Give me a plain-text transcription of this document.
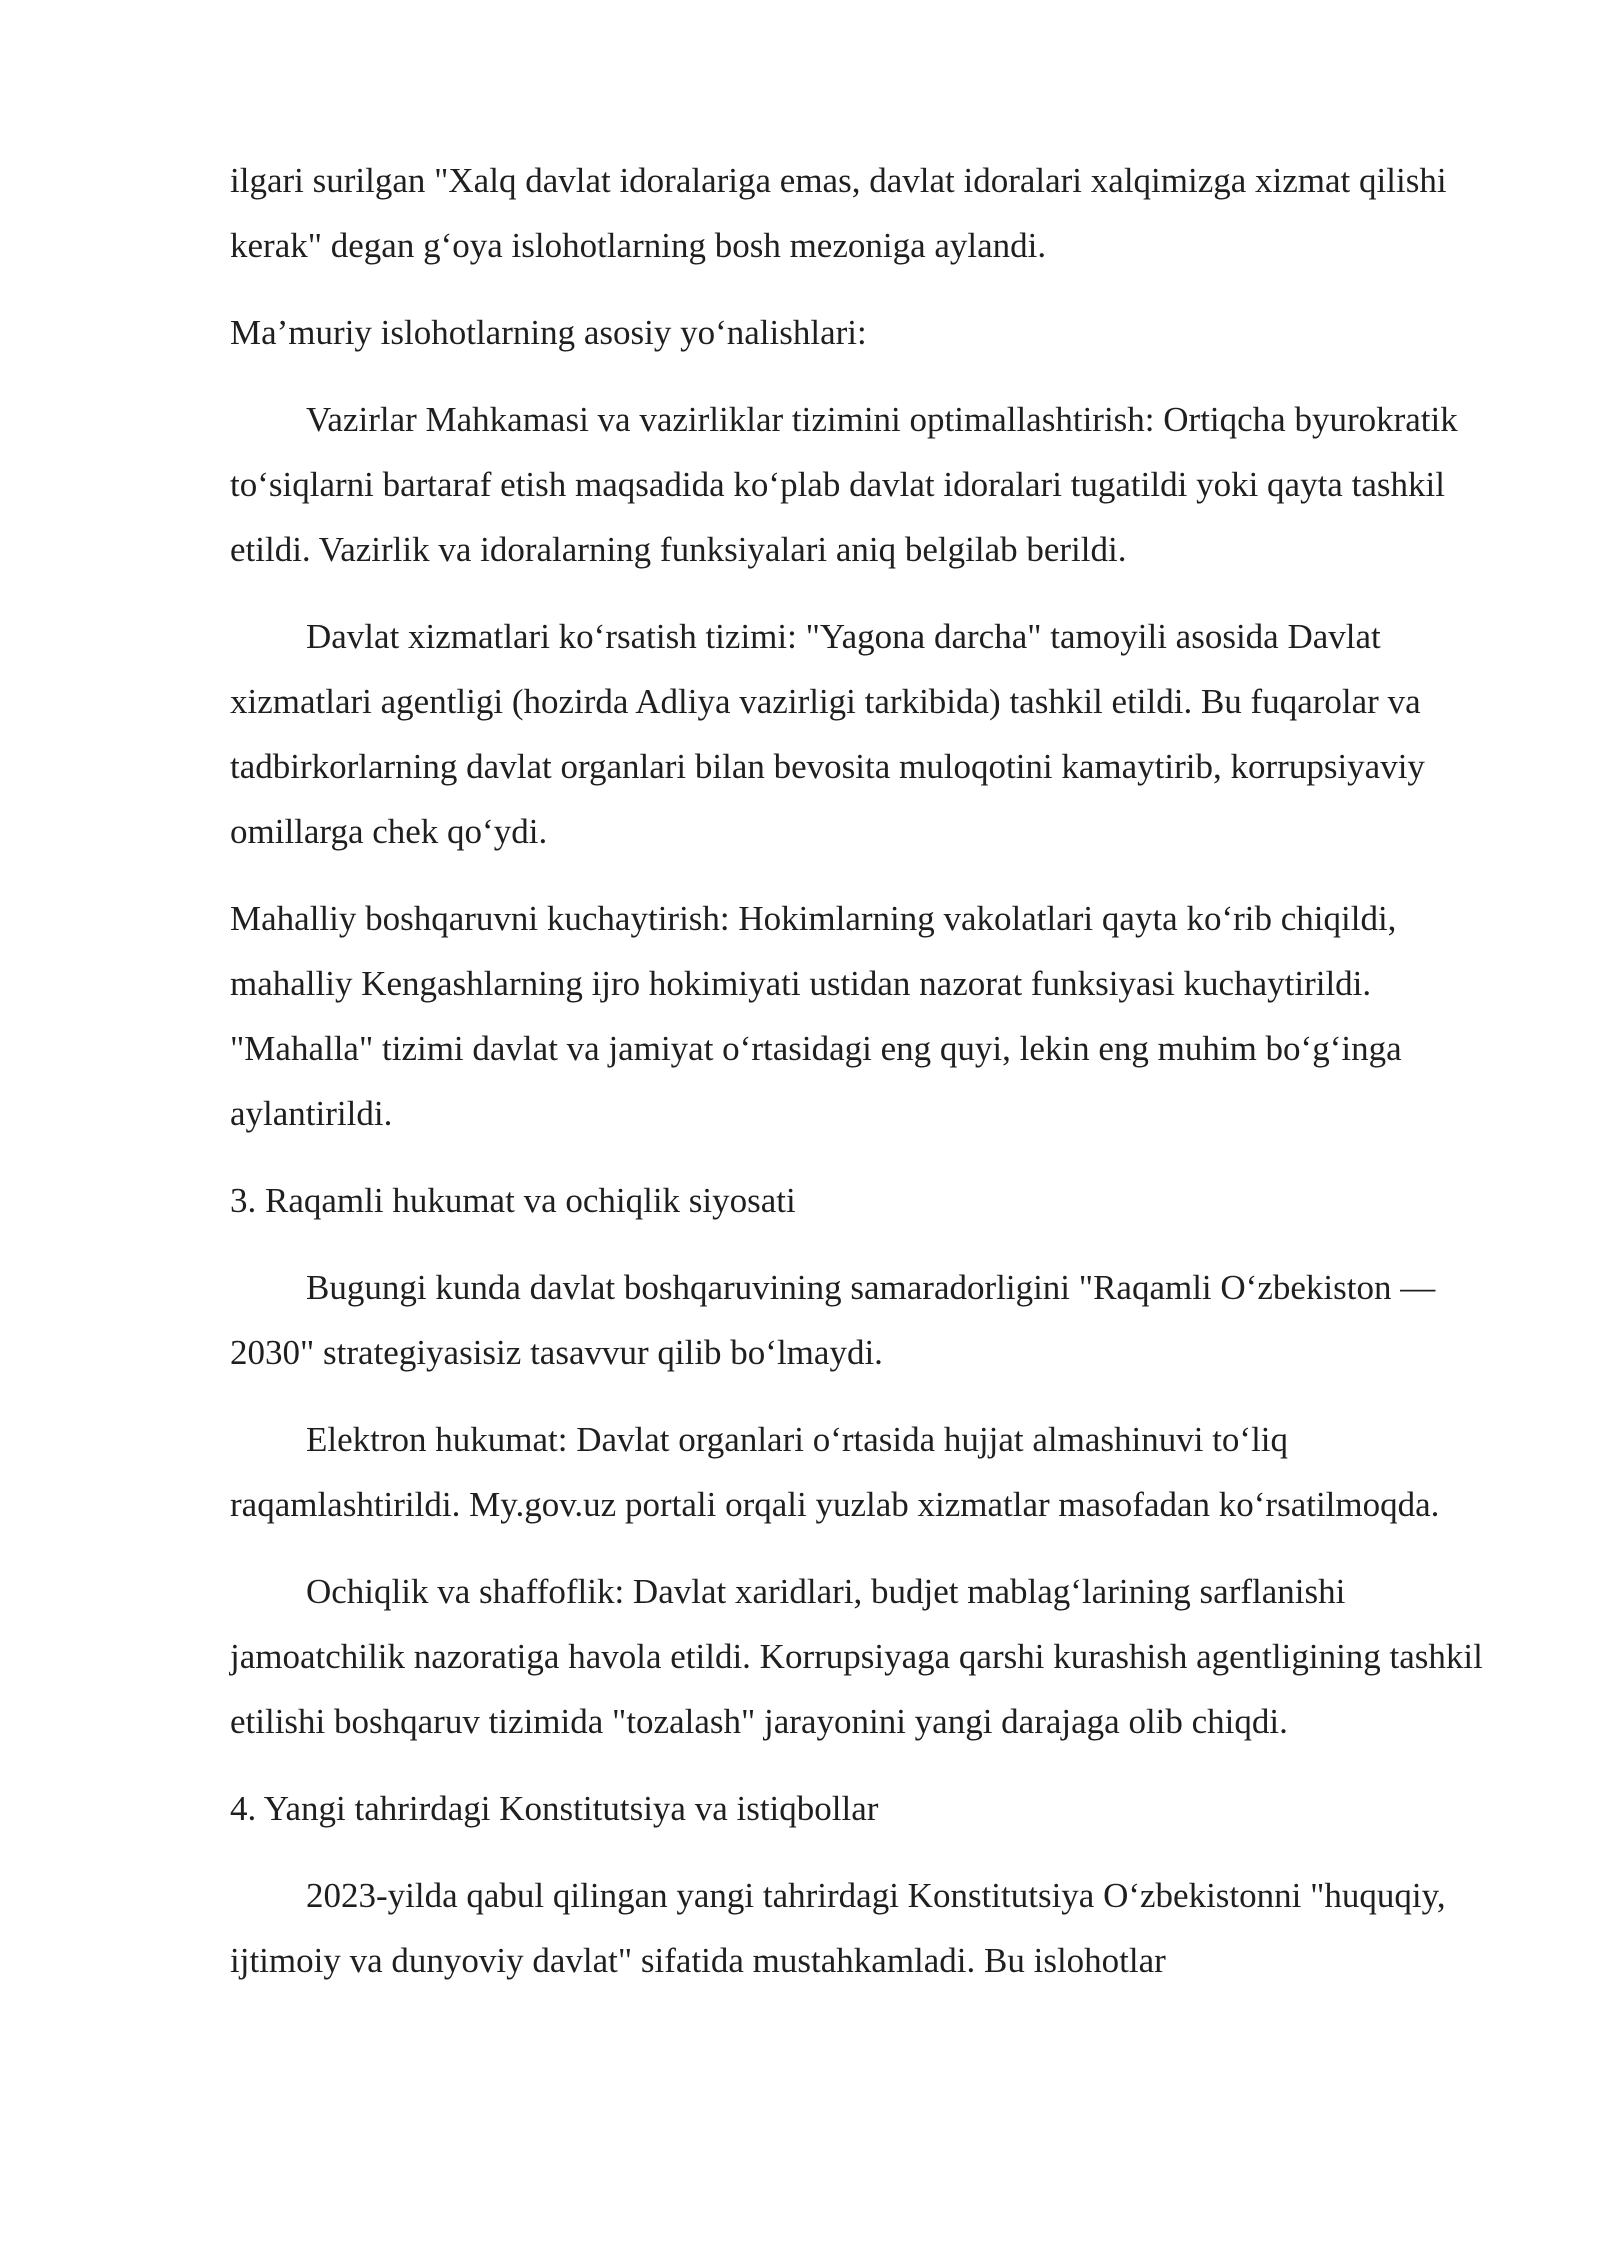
ilgari surilgan "Xalq davlat idoralariga emas, davlat idoralari xalqimizga xizmat qilishi kerak" degan g‘oya islohotlarning bosh mezoniga aylandi.

Ma’muriy islohotlarning asosiy yo‘nalishlari:

Vazirlar Mahkamasi va vazirliklar tizimini optimallashtirish: Ortiqcha byurokratik to‘siqlarni bartaraf etish maqsadida ko‘plab davlat idoralari tugatildi yoki qayta tashkil etildi. Vazirlik va idoralarning funksiyalari aniq belgilab berildi.

Davlat xizmatlari ko‘rsatish tizimi: "Yagona darcha" tamoyili asosida Davlat xizmatlari agentligi (hozirda Adliya vazirligi tarkibida) tashkil etildi. Bu fuqarolar va tadbirkorlarning davlat organlari bilan bevosita muloqotini kamaytirib, korrupsiyaviy omillarga chek qo‘ydi.

Mahalliy boshqaruvni kuchaytirish: Hokimlarning vakolatlari qayta ko‘rib chiqildi, mahalliy Kengashlarning ijro hokimiyati ustidan nazorat funksiyasi kuchaytirildi. "Mahalla" tizimi davlat va jamiyat o‘rtasidagi eng quyi, lekin eng muhim bo‘g‘inga aylantirildi.

3. Raqamli hukumat va ochiqlik siyosati

Bugungi kunda davlat boshqaruvining samaradorligini "Raqamli O‘zbekiston — 2030" strategiyasisiz tasavvur qilib bo‘lmaydi.

Elektron hukumat: Davlat organlari o‘rtasida hujjat almashinuvi to‘liq raqamlashtirildi. My.gov.uz portali orqali yuzlab xizmatlar masofadan ko‘rsatilmoqda.

Ochiqlik va shaffoflik: Davlat xaridlari, budjet mablag‘larining sarflanishi jamoatchilik nazoratiga havola etildi. Korrupsiyaga qarshi kurashish agentligining tashkil etilishi boshqaruv tizimida "tozalash" jarayonini yangi darajaga olib chiqdi.

4. Yangi tahrirdagi Konstitutsiya va istiqbollar

2023-yilda qabul qilingan yangi tahrirdagi Konstitutsiya O‘zbekistonni "huquqiy, ijtimoiy va dunyoviy davlat" sifatida mustahkamladi. Bu islohotlar
